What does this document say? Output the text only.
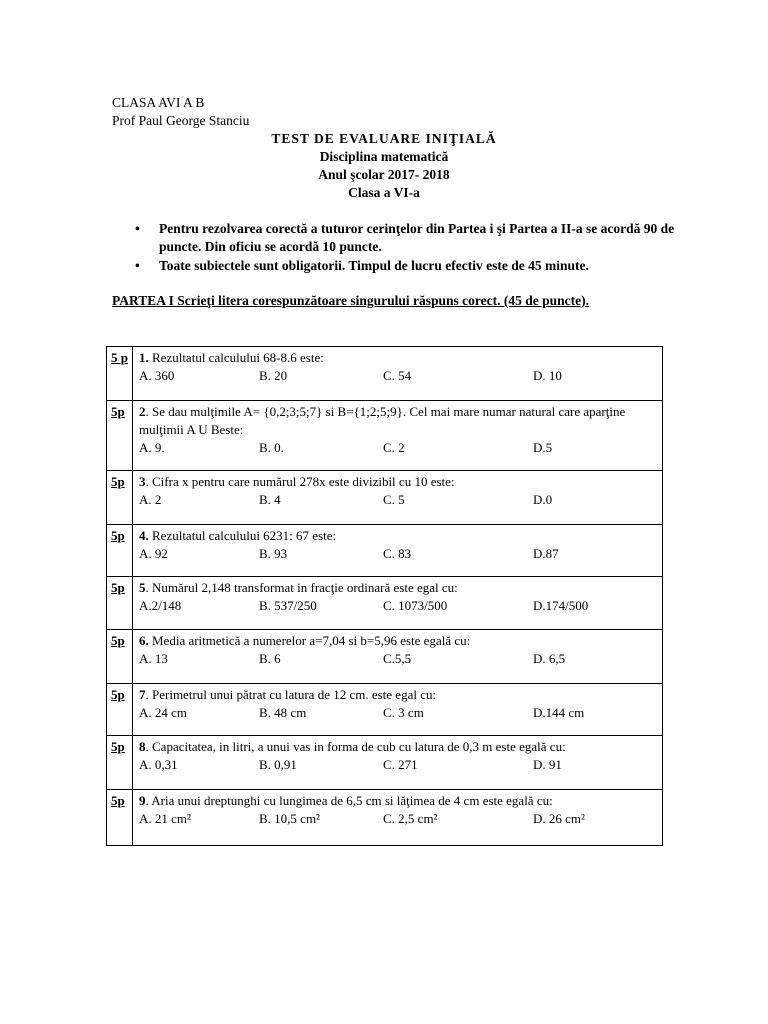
CLASA AVI A B
Prof Paul George Stanciu
TEST DE EVALUARE INIŢIALĂ
Disciplina matematică
Anul şcolar 2017- 2018
Clasa a VI-a
• Pentru rezolvarea corectă a tuturor cerinţelor din Partea i şi Partea a II-a se acordă 90 de puncte. Din oficiu se acordă 10 puncte.
• Toate subiectele sunt obligatorii. Timpul de lucru efectiv este de 45 minute.
PARTEA I Scrieţi litera corespunzătoare singurului răspuns corect. (45 de puncte).
5 p	1. Rezultatul calculului 68-8.6 este:
A. 360 B. 20 C. 54 D. 10

5p	2. Se dau mulţimile A= {0,2;3;5;7} si B={1;2;5;9}. Cel mai mare numar natural care aparţine mulţimii A U Beste:
A. 9. B. 0. C. 2 D.5

5p	3. Cifra x pentru care numărul 278x este divizibil cu 10 este:
A. 2 B. 4 C. 5 D.0

5p	4. Rezultatul calculului 6231: 67 este:
A. 92 B. 93 C. 83 D.87

5p	5. Numărul 2,148 transformat in fracţie ordinară este egal cu:
A.2/148 B. 537/250 C. 1073/500 D.174/500

5p	6. Media aritmetică a numerelor a=7,04 si b=5,96 este egală cu:
A. 13 B. 6 C.5,5 D. 6,5

5p	7. Perimetrul unui pătrat cu latura de 12 cm. este egal cu:
A. 24 cm B. 48 cm C. 3 cm D.144 cm

5p	8. Capacitatea, in litri, a unui vas in forma de cub cu latura de 0,3 m este egală cu:
A. 0,31 B. 0,91 C. 271 D. 91

5p	9. Aria unui dreptunghi cu lungimea de 6,5 cm si lăţimea de 4 cm este egală cu:
A. 21 cm² B. 10,5 cm² C. 2,5 cm² D. 26 cm²
